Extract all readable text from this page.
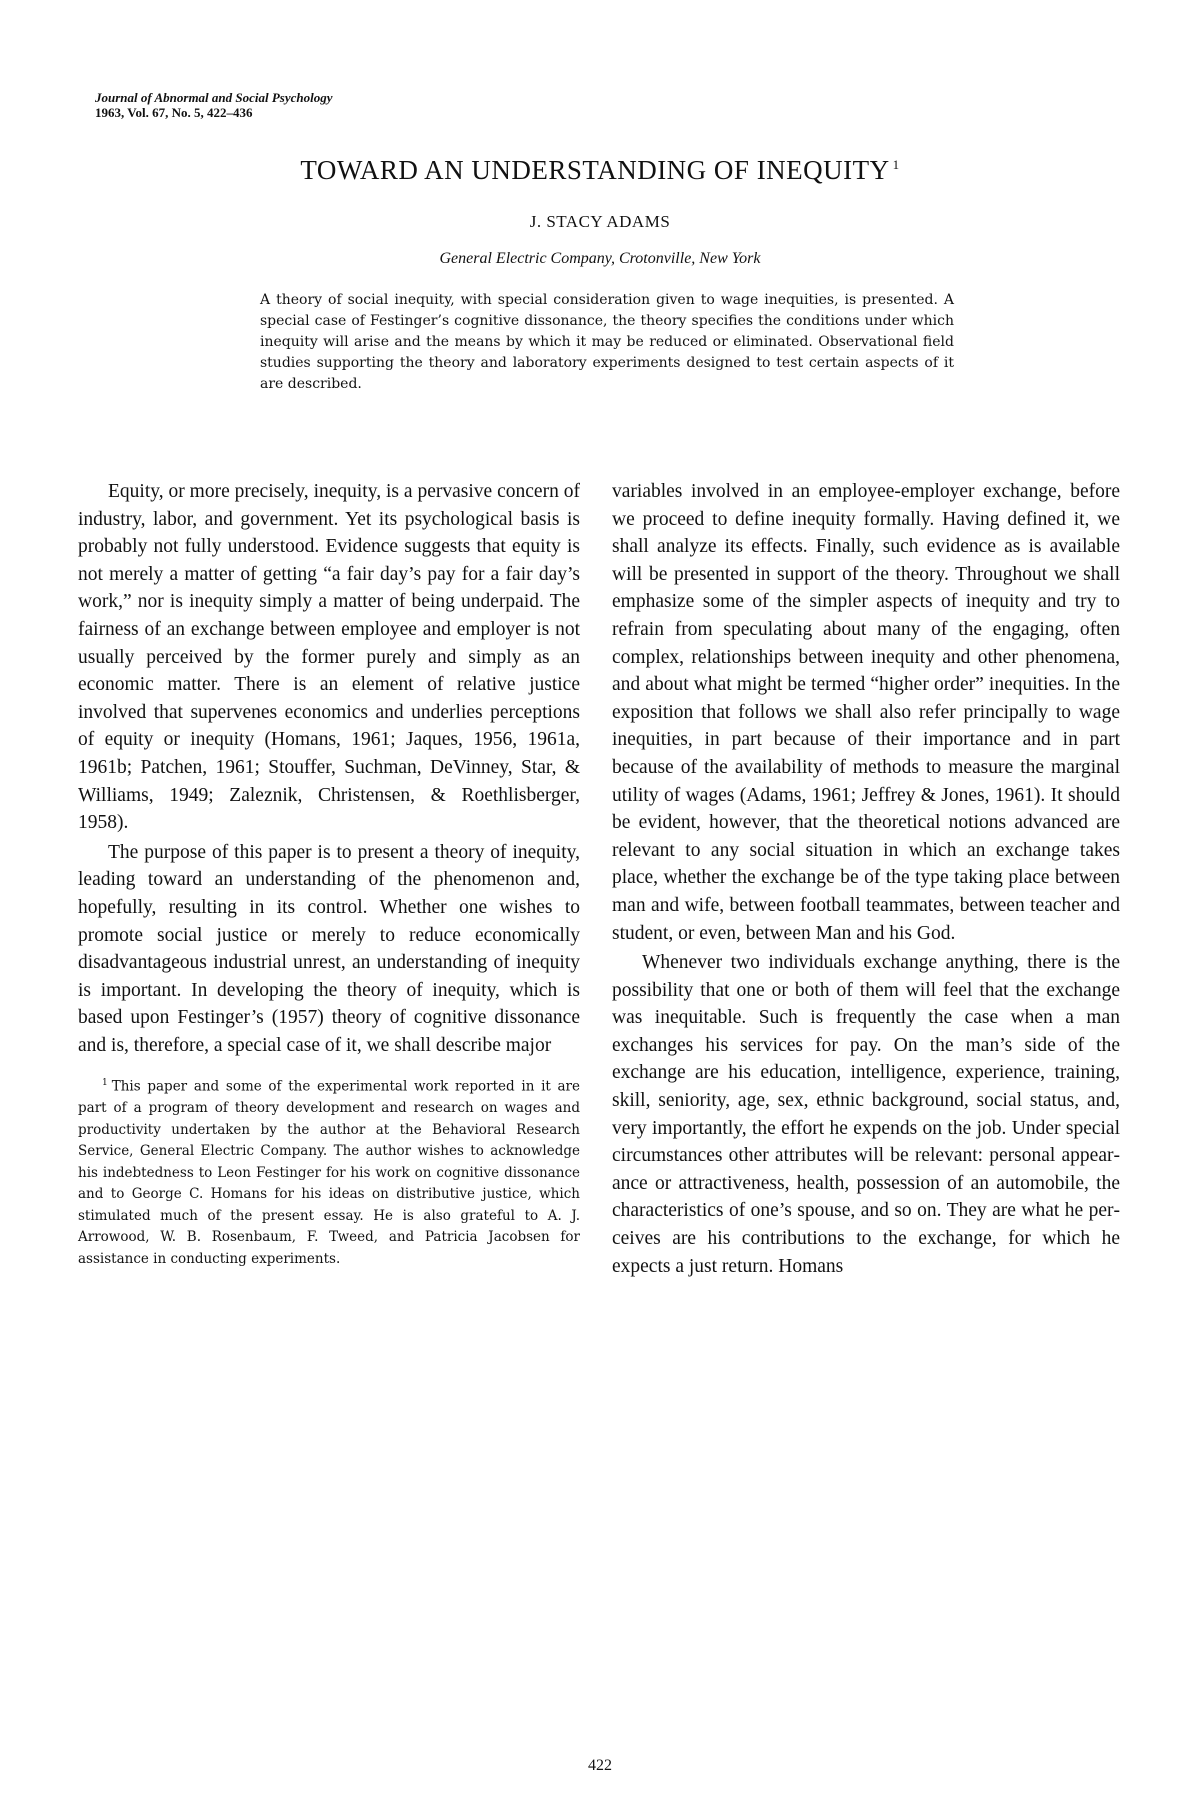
Journal of Abnormal and Social Psychology
1963, Vol. 67, No. 5, 422–436
TOWARD AN UNDERSTANDING OF INEQUITY $^1$
J. STACY ADAMS
General Electric Company, Crotonville, New York

A theory of social inequity, with special consideration given to wage inequities, is presented. A special case of Festinger’s cognitive dissonance, the theory specifies the conditions under which inequity will arise and the means by which it may be reduced or eliminated. Observational field studies supporting the theory and laboratory experiments designed to test certain aspects of it are described.

Equity, or more precisely, inequity, is a pervasive concern of industry, labor, and government. Yet its psychological basis is probably not fully understood. Evidence suggests that equity is not merely a matter of getting “a fair day’s pay for a fair day’s work,” nor is inequity simply a matter of being underpaid. The fairness of an exchange between employee and employer is not usually perceived by the former purely and simply as an economic matter. There is an element of relative justice involved that supervenes economics and underlies perceptions of equity or inequity (Homans, 1961; Jaques, 1956, 1961a, 1961b; Patchen, 1961; Stouffer, Suchman, DeVinney, Star, & Williams, 1949; Zaleznik, Christensen, & Roethlisberger, 1958).

The purpose of this paper is to present a theory of inequity, leading toward an understanding of the phenomenon and, hopefully, resulting in its control. Whether one wishes to promote social justice or merely to reduce economically disadvantageous industrial unrest, an understanding of inequity is important. In developing the theory of inequity, which is based upon Festinger’s (1957) theory of cognitive dissonance and is, therefore, a special case of it, we shall describe major

$^1$ This paper and some of the experimental work reported in it are part of a program of theory development and research on wages and productivity undertaken by the author at the Behavioral Research Service, General Electric Company. The author wishes to acknowledge his indebtedness to Leon Festinger for his work on cognitive dissonance and to George C. Homans for his ideas on distributive justice, which stimulated much of the present essay. He is also grateful to A. J. Arrowood, W. B. Rosenbaum, F. Tweed, and Patricia Jacobsen for assistance in conducting experiments.

variables involved in an employee-employer exchange, before we proceed to define inequity formally. Having defined it, we shall analyze its effects. Finally, such evidence as is available will be presented in support of the theory. Throughout we shall emphasize some of the simpler aspects of inequity and try to refrain from speculating about many of the engaging, often complex, relationships between inequity and other phenomena, and about what might be termed “higher order” inequities. In the exposition that follows we shall also refer principally to wage inequities, in part because of their importance and in part because of the availability of methods to measure the marginal utility of wages (Adams, 1961; Jeffrey & Jones, 1961). It should be evident, however, that the theoretical notions advanced are relevant to any social situation in which an exchange takes place, whether the exchange be of the type taking place between man and wife, between football teammates, between teacher and student, or even, between Man and his God.

Whenever two individuals exchange anything, there is the possibility that one or both of them will feel that the exchange was inequitable. Such is frequently the case when a man exchanges his services for pay. On the man’s side of the exchange are his education, intelligence, experience, training, skill, seniority, age, sex, ethnic background, social status, and, very importantly, the effort he expends on the job. Under special circumstances other attributes will be relevant: personal appearance or attractiveness, health, possession of an automobile, the characteristics of one’s spouse, and so on. They are what he perceives are his contributions to the exchange, for which he expects a just return. Homans

422
